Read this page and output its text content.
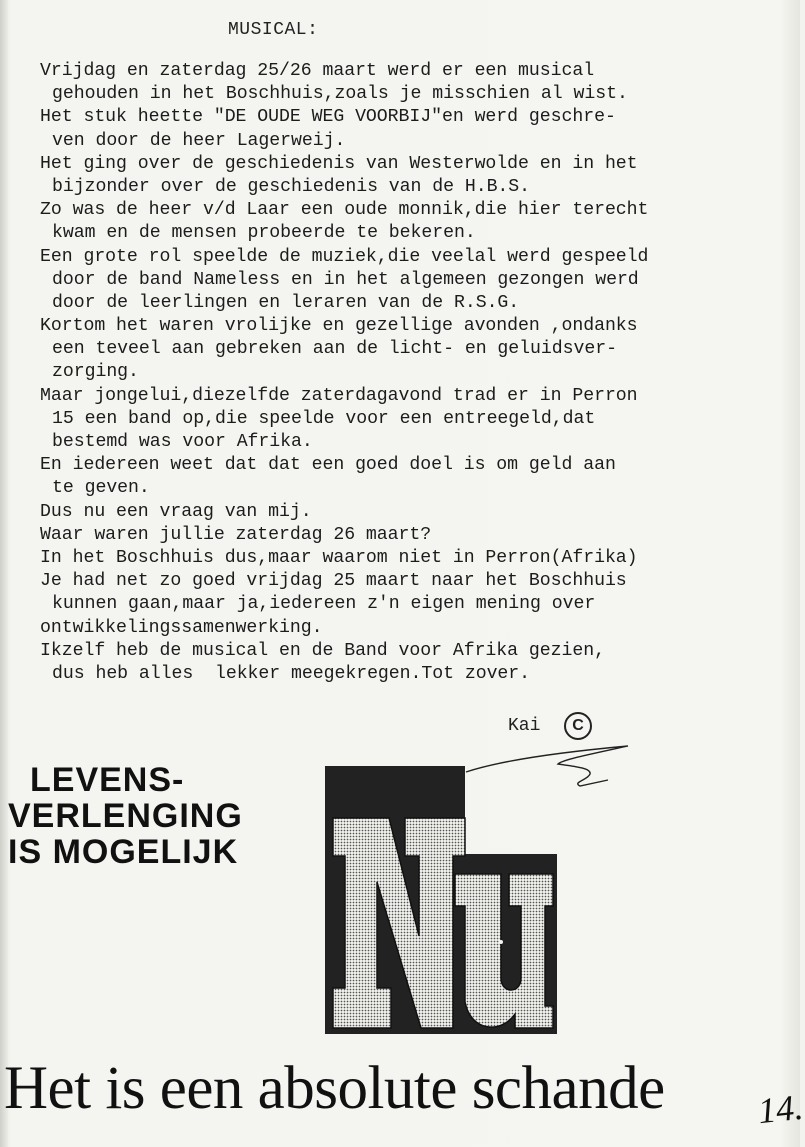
MUSICAL:
Vrijdag en zaterdag 25/26 maart werd er een musical
gehouden in het Boschhuis,zoals je misschien al wist.
Het stuk heette "DE OUDE WEG VOORBIJ"en werd geschre-
ven door de heer Lagerweij.
Het ging over de geschiedenis van Westerwolde en in het
bijzonder over de geschiedenis van de H.B.S.
Zo was de heer v/d Laar een oude monnik,die hier terecht
kwam en de mensen probeerde te bekeren.
Een grote rol speelde de muziek,die veelal werd gespeeld
door de band Nameless en in het algemeen gezongen werd
door de leerlingen en leraren van de R.S.G.
Kortom het waren vrolijke en gezellige avonden ,ondanks
een teveel aan gebreken aan de licht- en geluidsver-
zorging.
Maar jongelui,diezelfde zaterdagavond trad er in Perron
15 een band op,die speelde voor een entreegeld,dat
bestemd was voor Afrika.
En iedereen weet dat dat een goed doel is om geld aan
te geven.
Dus nu een vraag van mij.
Waar waren jullie zaterdag 26 maart?
In het Boschhuis dus,maar waarom niet in Perron(Afrika)
Je had net zo goed vrijdag 25 maart naar het Boschhuis
kunnen gaan,maar ja,iedereen z'n eigen mening over
ontwikkelingssamenwerking.
Ikzelf heb de musical en de Band voor Afrika gezien,
dus heb alles  lekker meegekregen.Tot zover.
Kai	C
LEVENS-
VERLENGING
IS MOGELIJK
Het is een absolute schande	14.
